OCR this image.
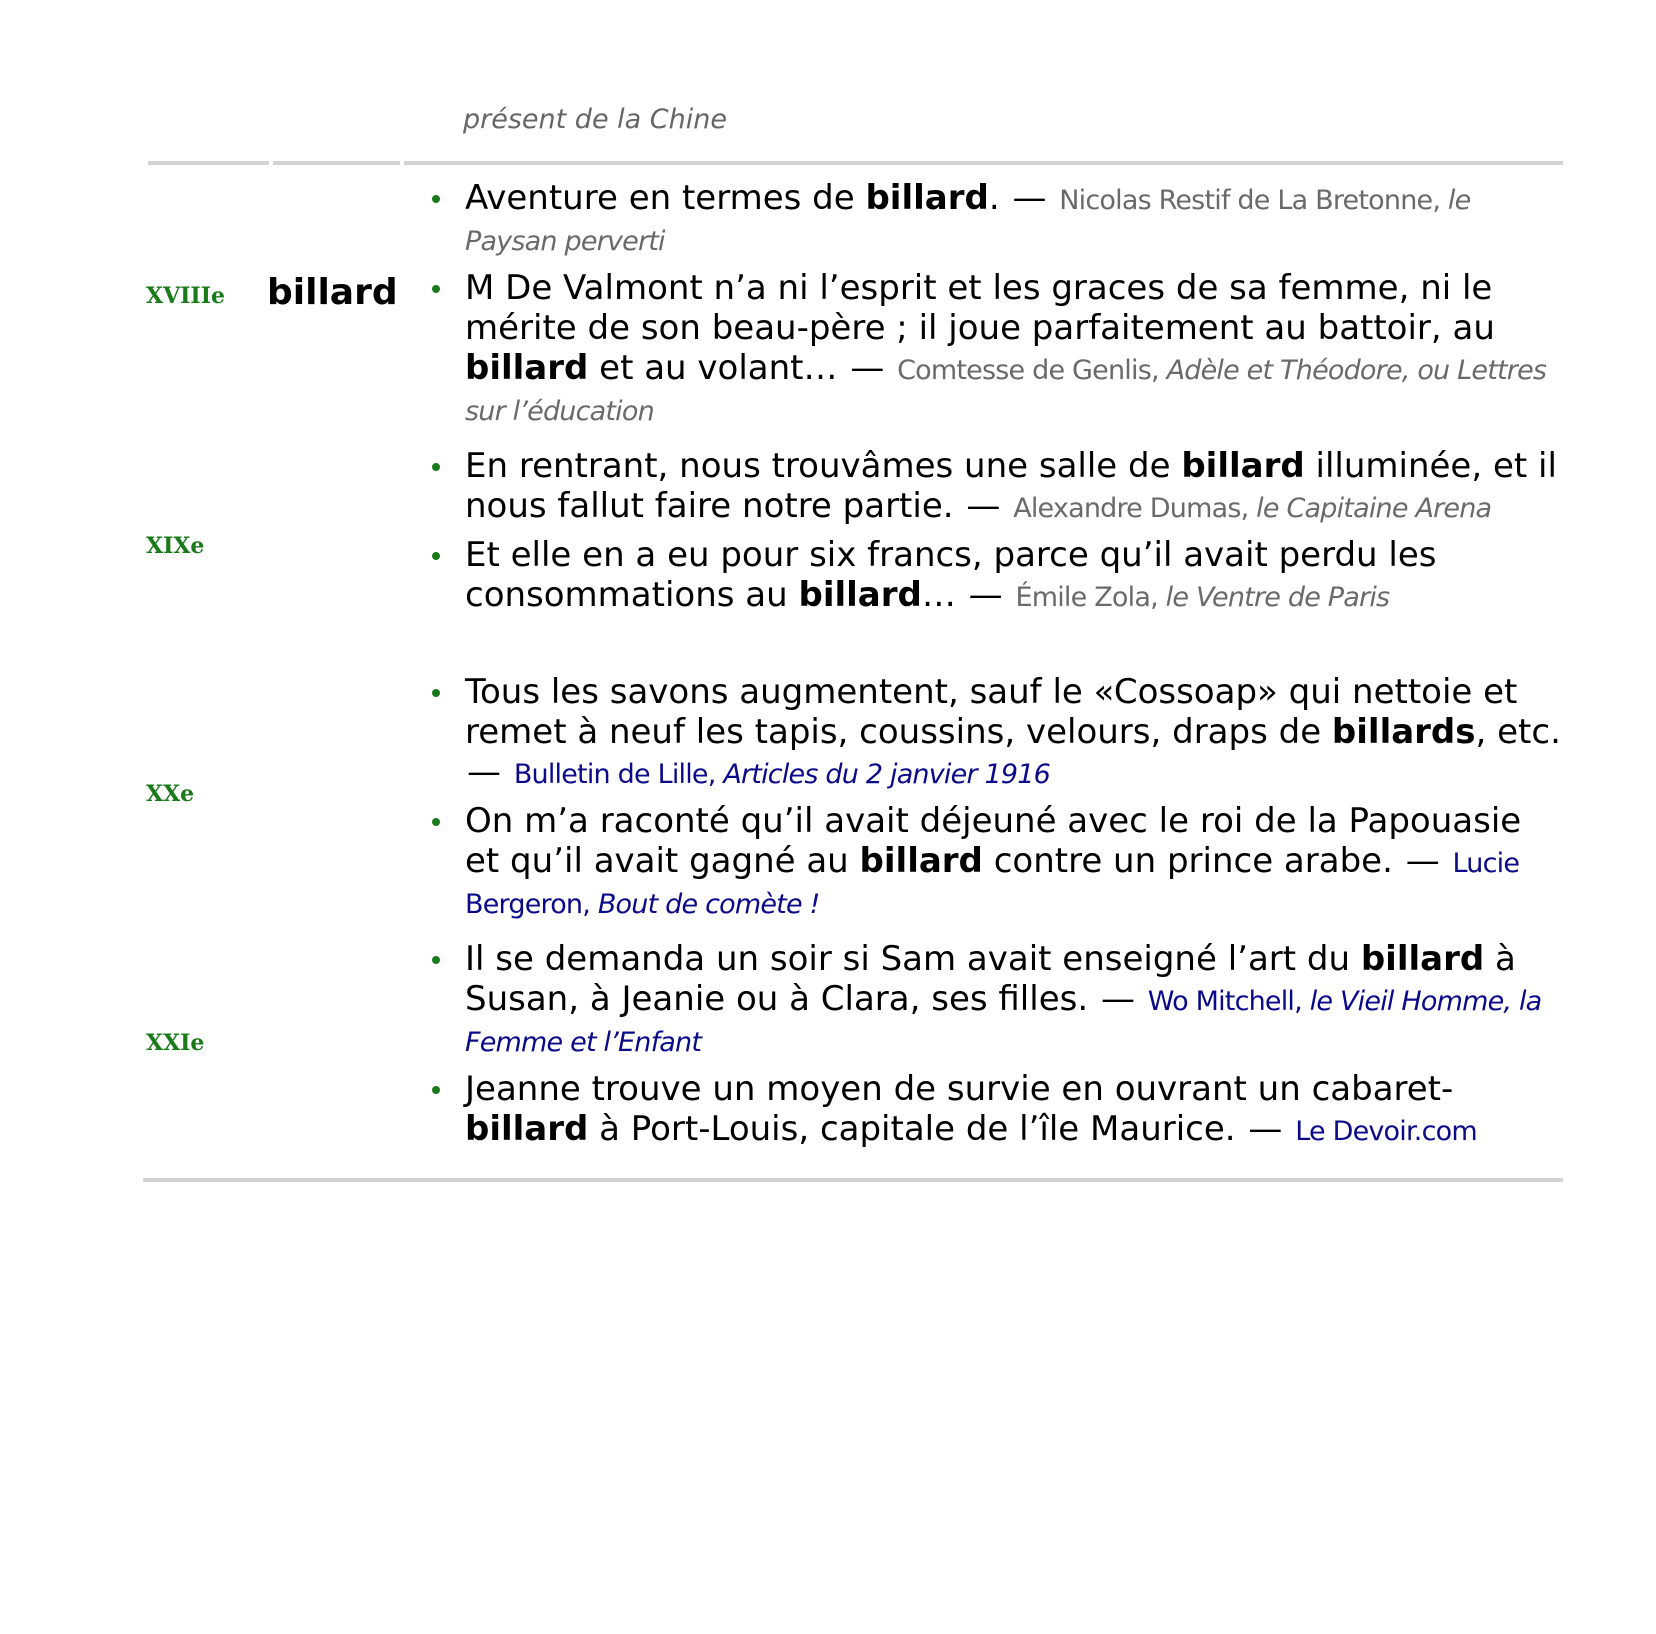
présent de la Chine
billard
XVIIIe
XIXe
XXe
XXIe
Aventure en termes de billard. — Nicolas Restif de La Bretonne, le Paysan perverti
M De Valmont n’a ni l’esprit et les graces de sa femme, ni le mérite de son beau-père ; il joue parfaitement au battoir, au billard et au volant… — Comtesse de Genlis, Adèle et Théodore, ou Lettres sur l’éducation
En rentrant, nous trouvâmes une salle de billard illuminée, et il nous fallut faire notre partie. — Alexandre Dumas, le Capitaine Arena
Et elle en a eu pour six francs, parce qu’il avait perdu les consommations au billard… — Émile Zola, le Ventre de Paris
Tous les savons augmentent, sauf le «Cossoap» qui nettoie et remet à neuf les tapis, coussins, velours, draps de billards, etc. — Bulletin de Lille, Articles du 2 janvier 1916
On m’a raconté qu’il avait déjeuné avec le roi de la Papouasie et qu’il avait gagné au billard contre un prince arabe. — Lucie Bergeron, Bout de comète !
Il se demanda un soir si Sam avait enseigné l’art du billard à Susan, à Jeanie ou à Clara, ses filles. — Wo Mitchell, le Vieil Homme, la Femme et l’Enfant
Jeanne trouve un moyen de survie en ouvrant un cabaret-billard à Port-Louis, capitale de l’île Maurice. — Le Devoir.com
